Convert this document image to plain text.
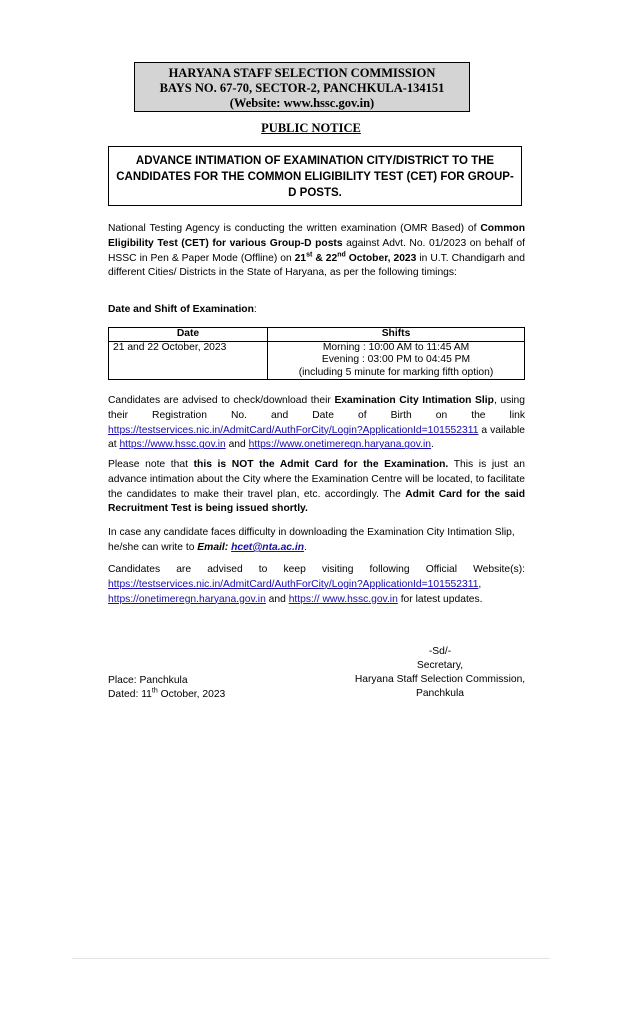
HARYANA STAFF SELECTION COMMISSION
BAYS NO. 67-70, SECTOR-2, PANCHKULA-134151
(Website: www.hssc.gov.in)
PUBLIC NOTICE
ADVANCE INTIMATION OF EXAMINATION CITY/DISTRICT TO THE CANDIDATES FOR THE COMMON ELIGIBILITY TEST (CET) FOR GROUP-D POSTS.
National Testing Agency is conducting the written examination (OMR Based) of Common Eligibility Test (CET) for various Group-D posts against Advt. No. 01/2023 on behalf of HSSC in Pen & Paper Mode (Offline) on 21st & 22nd October, 2023 in U.T. Chandigarh and different Cities/ Districts in the State of Haryana, as per the following timings:
Date and Shift of Examination:
Date	Shifts
21 and 22 October, 2023	Morning : 10:00 AM to 11:45 AM
Evening : 03:00 PM to 04:45 PM
(including 5 minute for marking fifth option)
Candidates are advised to check/download their Examination City Intimation Slip, using their Registration No. and Date of Birth on the link https://testservices.nic.in/AdmitCard/AuthForCity/Login?ApplicationId=101552311 a vailable at https://www.hssc.gov.in and https://www.onetimeregn.haryana.gov.in.
Please note that this is NOT the Admit Card for the Examination. This is just an advance intimation about the City where the Examination Centre will be located, to facilitate the candidates to make their travel plan, etc. accordingly. The Admit Card for the said Recruitment Test is being issued shortly.
In case any candidate faces difficulty in downloading the Examination City Intimation Slip, he/she can write to Email: hcet@nta.ac.in.
Candidates are advised to keep visiting following Official Website(s): https://testservices.nic.in/AdmitCard/AuthForCity/Login?ApplicationId=101552311, https://onetimeregn.haryana.gov.in and https:// www.hssc.gov.in for latest updates.
-Sd/-
Secretary,
Haryana Staff Selection Commission,
Panchkula
Place: Panchkula
Dated: 11th October, 2023
